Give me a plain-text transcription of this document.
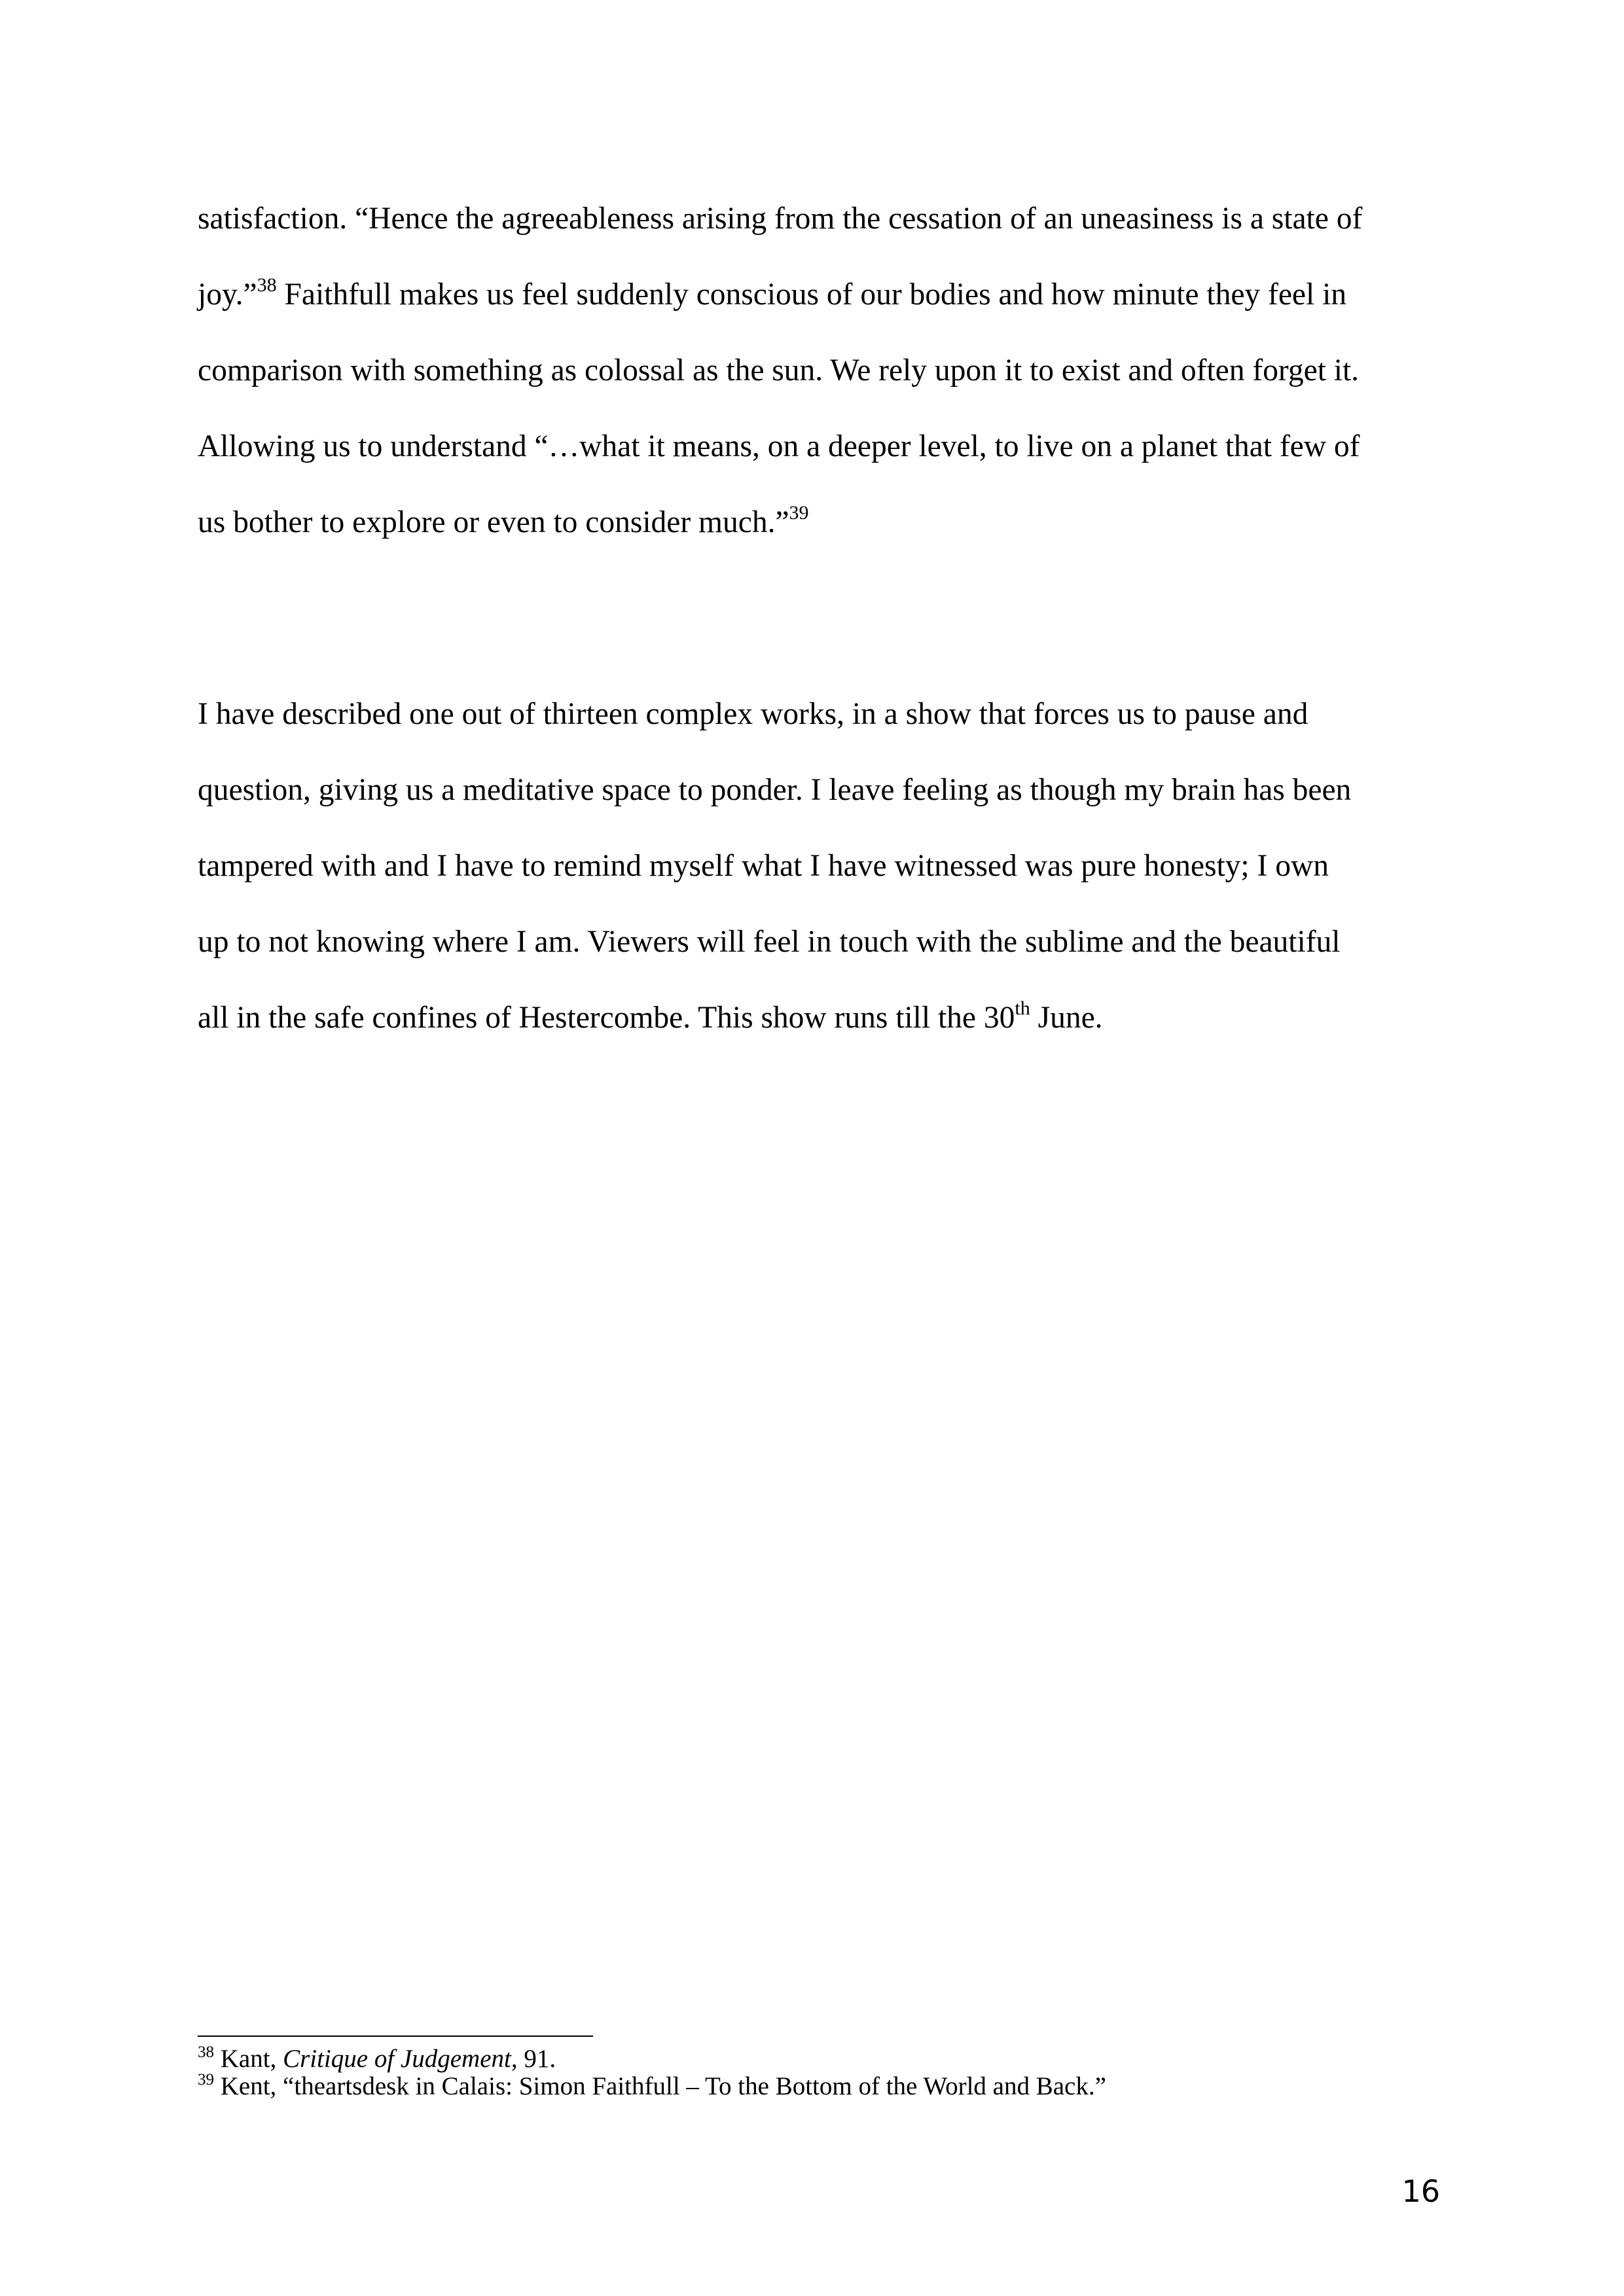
satisfaction. “Hence the agreeableness arising from the cessation of an uneasiness is a state of
joy.”$^{38}$ Faithfull makes us feel suddenly conscious of our bodies and how minute they feel in
comparison with something as colossal as the sun. We rely upon it to exist and often forget it.
Allowing us to understand “…what it means, on a deeper level, to live on a planet that few of
us bother to explore or even to consider much.”$^{39}$
I have described one out of thirteen complex works, in a show that forces us to pause and
question, giving us a meditative space to ponder. I leave feeling as though my brain has been
tampered with and I have to remind myself what I have witnessed was pure honesty; I own
up to not knowing where I am. Viewers will feel in touch with the sublime and the beautiful
all in the safe confines of Hestercombe. This show runs till the 30th June.
$^{38}$ Kant, Critique of Judgement, 91.
$^{39}$ Kent, “theartsdesk in Calais: Simon Faithfull – To the Bottom of the World and Back.”
16
